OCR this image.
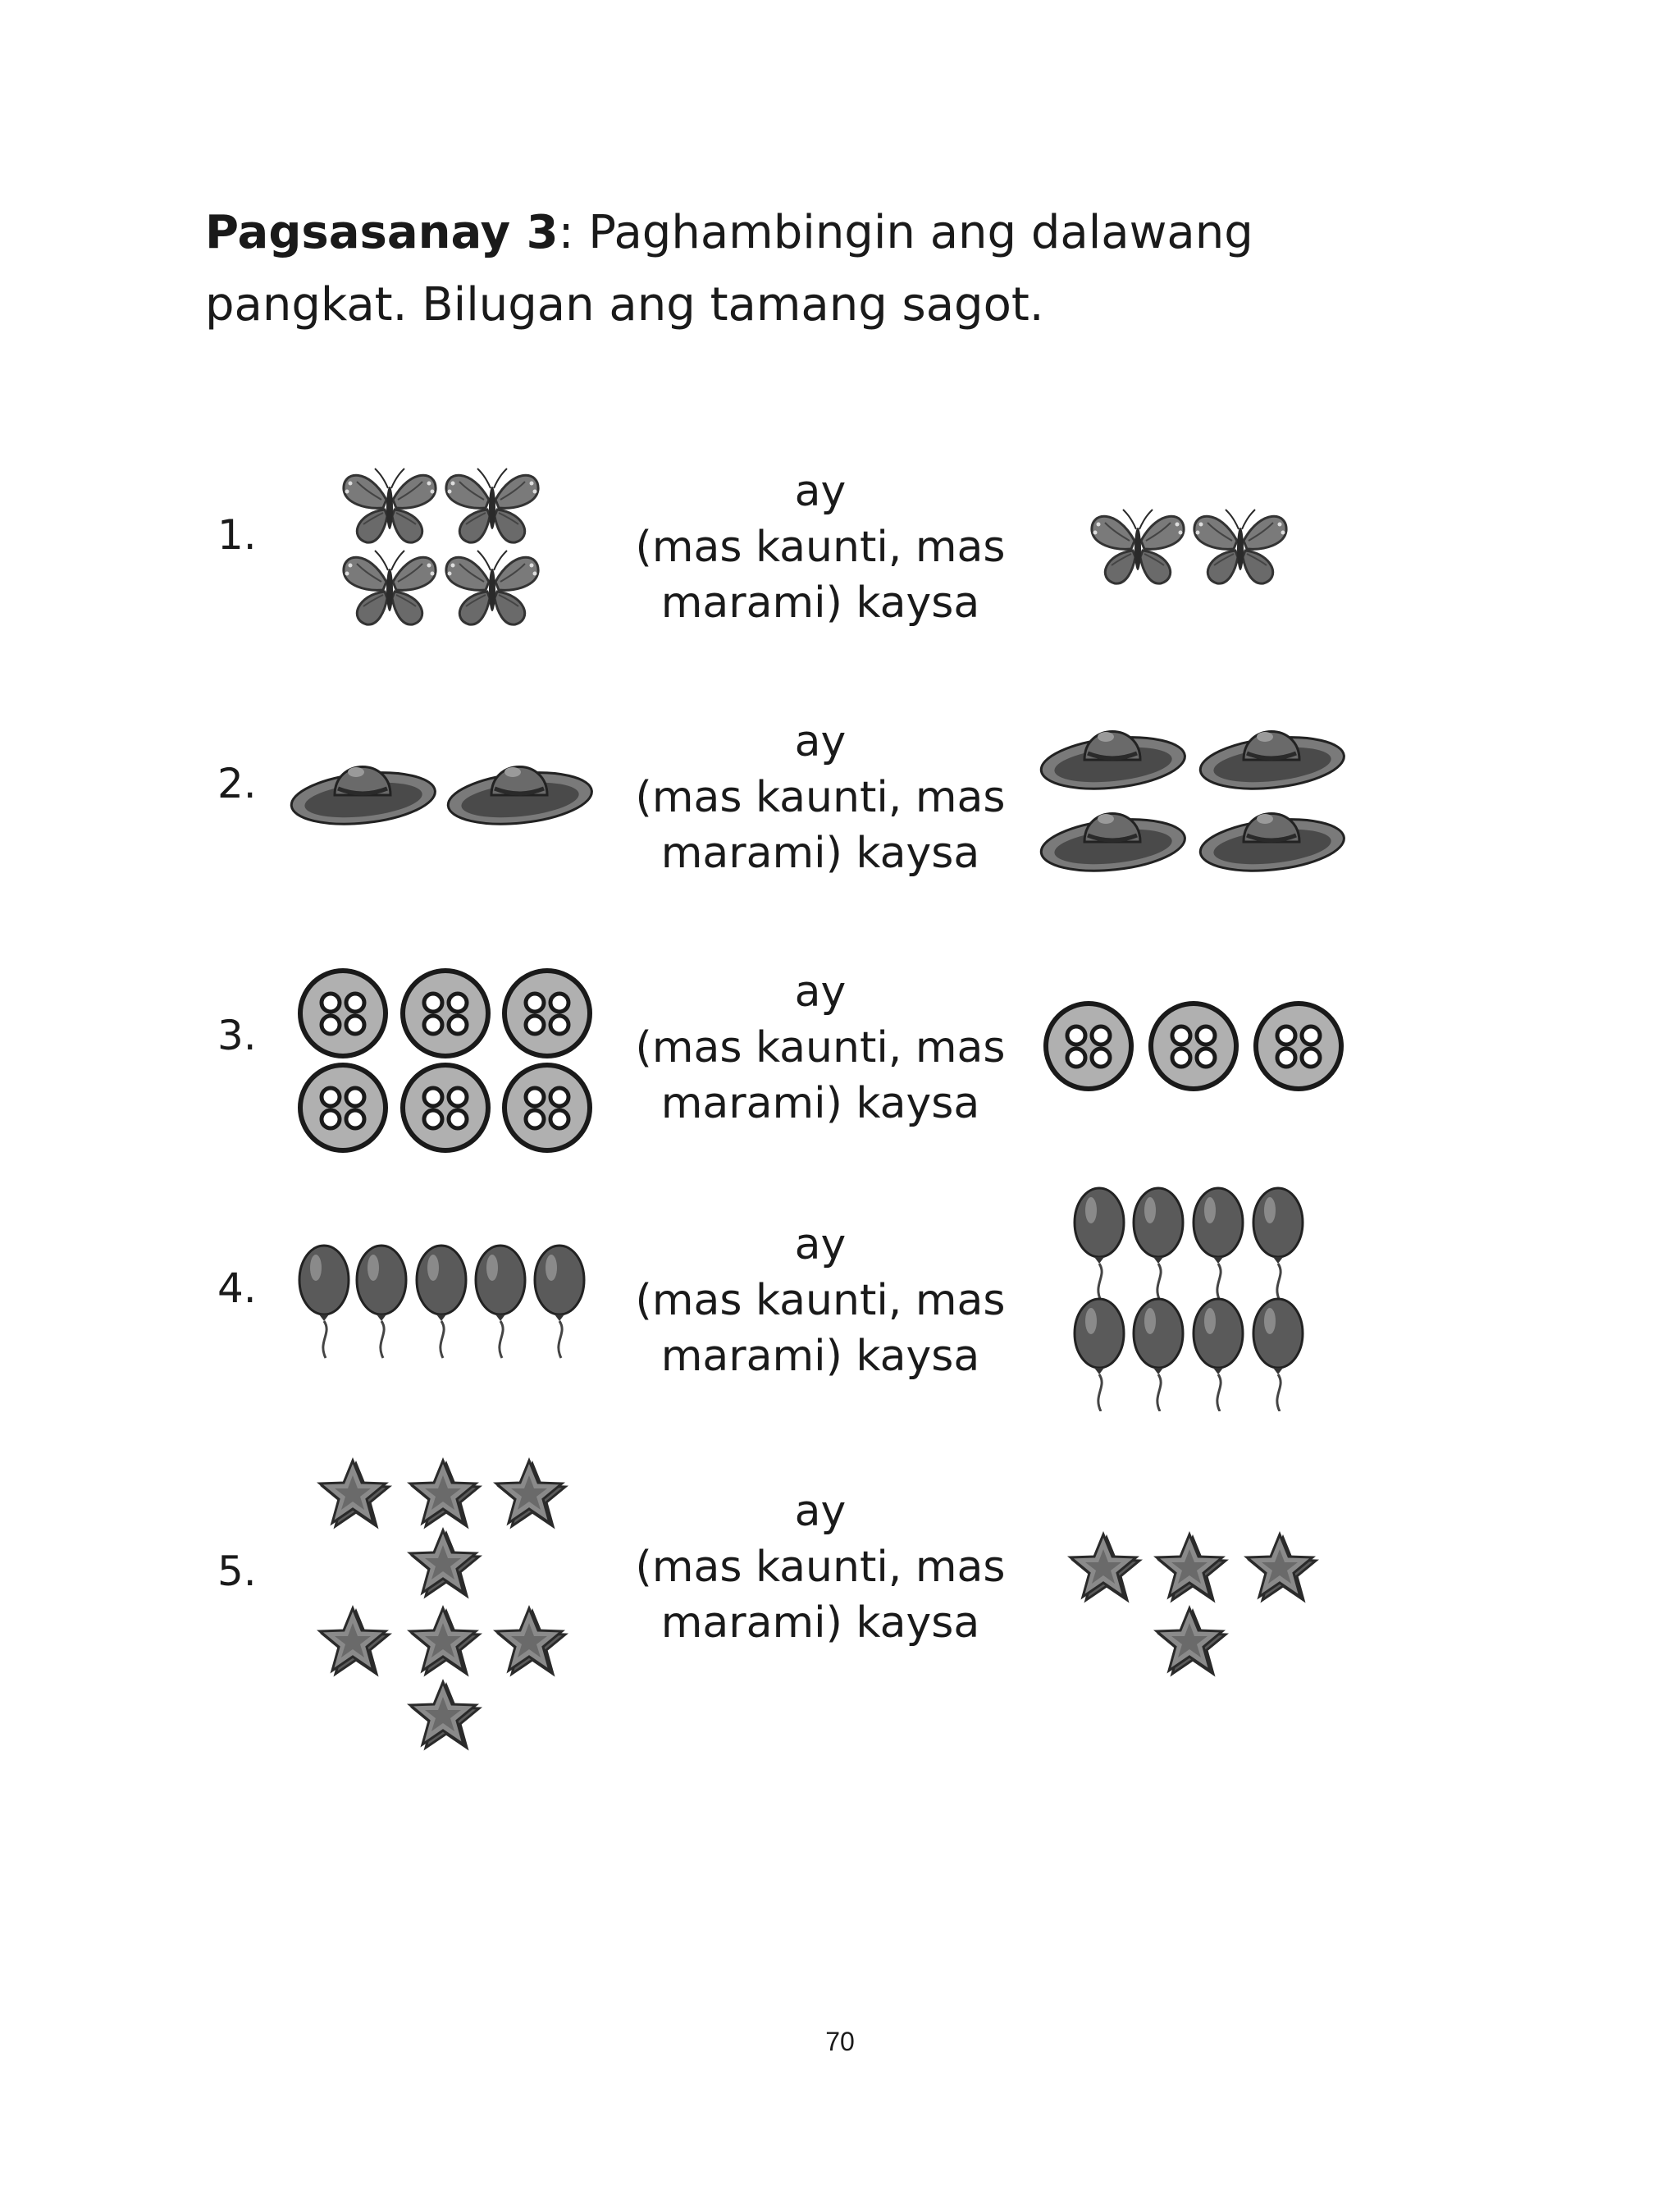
Pagsasanay 3: Paghambingin ang dalawang
pangkat. Bilugan ang tamang sagot.
1.
ay
(mas kaunti, mas
marami) kaysa
2.
ay
(mas kaunti, mas
marami) kaysa
3.
ay
(mas kaunti, mas
marami) kaysa
4.
ay
(mas kaunti, mas
marami) kaysa
5.
ay
(mas kaunti, mas
marami) kaysa
70
